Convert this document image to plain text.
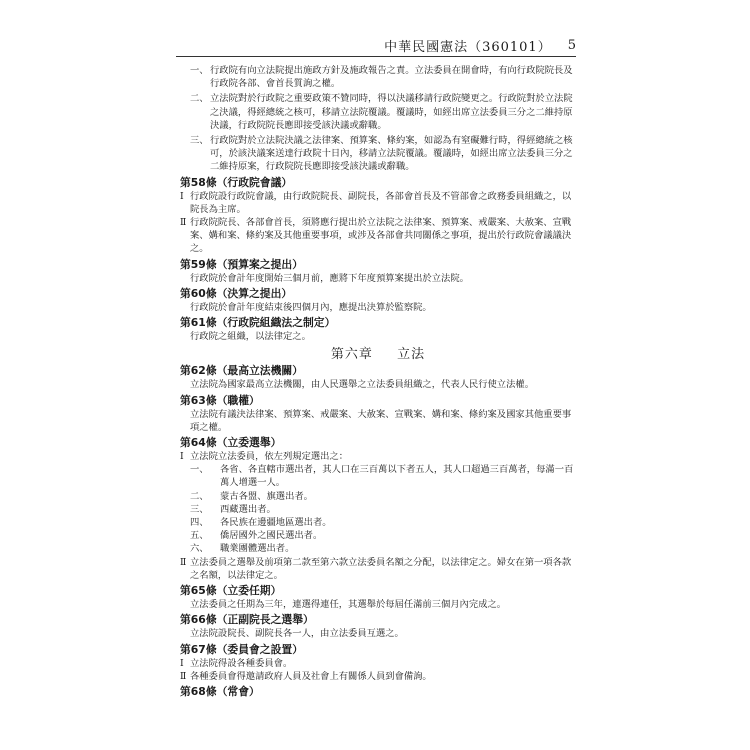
中華民國憲法（360101） 5
一、 行政院有向立法院提出施政方針及施政報告之責。立法委員在開會時，有向行政院院長及行政院各部、會首長質詢之權。
二、 立法院對於行政院之重要政策不贊同時，得以決議移請行政院變更之。行政院對於立法院之決議，得經總統之核可，移請立法院覆議。覆議時，如經出席立法委員三分之二維持原決議，行政院院長應即接受該決議或辭職。
三、 行政院對於立法院決議之法律案、預算案、條約案，如認為有窒礙難行時，得經總統之核可，於該決議案送達行政院十日內，移請立法院覆議。覆議時，如經出席立法委員三分之二維持原案，行政院院長應即接受該決議或辭職。
第58條（行政院會議）
Ⅰ 行政院設行政院會議，由行政院院長、副院長，各部會首長及不管部會之政務委員組織之，以院長為主席。
Ⅱ 行政院院長、各部會首長，須將應行提出於立法院之法律案、預算案、戒嚴案、大赦案、宣戰案、媾和案、條約案及其他重要事項，或涉及各部會共同關係之事項，提出於行政院會議議決之。
第59條（預算案之提出）
行政院於會計年度開始三個月前，應將下年度預算案提出於立法院。
第60條（決算之提出）
行政院於會計年度結束後四個月內，應提出決算於監察院。
第61條（行政院組織法之制定）
行政院之組織，以法律定之。
第六章 立法
第62條（最高立法機關）
立法院為國家最高立法機關，由人民選舉之立法委員組織之，代表人民行使立法權。
第63條（職權）
立法院有議決法律案、預算案、戒嚴案、大赦案、宣戰案、媾和案、條約案及國家其他重要事項之權。
第64條（立委選舉）
Ⅰ 立法院立法委員，依左列規定選出之：
一、 各省、各直轄市選出者，其人口在三百萬以下者五人，其人口超過三百萬者，每滿一百萬人增選一人。
二、 蒙古各盟、旗選出者。
三、 西藏選出者。
四、 各民族在邊疆地區選出者。
五、 僑居國外之國民選出者。
六、 職業團體選出者。
Ⅱ 立法委員之選舉及前項第二款至第六款立法委員名額之分配，以法律定之。婦女在第一項各款之名額，以法律定之。
第65條（立委任期）
立法委員之任期為三年，連選得連任，其選舉於每屆任滿前三個月內完成之。
第66條（正副院長之選舉）
立法院設院長、副院長各一人，由立法委員互選之。
第67條（委員會之設置）
Ⅰ 立法院得設各種委員會。
Ⅱ 各種委員會得邀請政府人員及社會上有關係人員到會備詢。
第68條（常會）
